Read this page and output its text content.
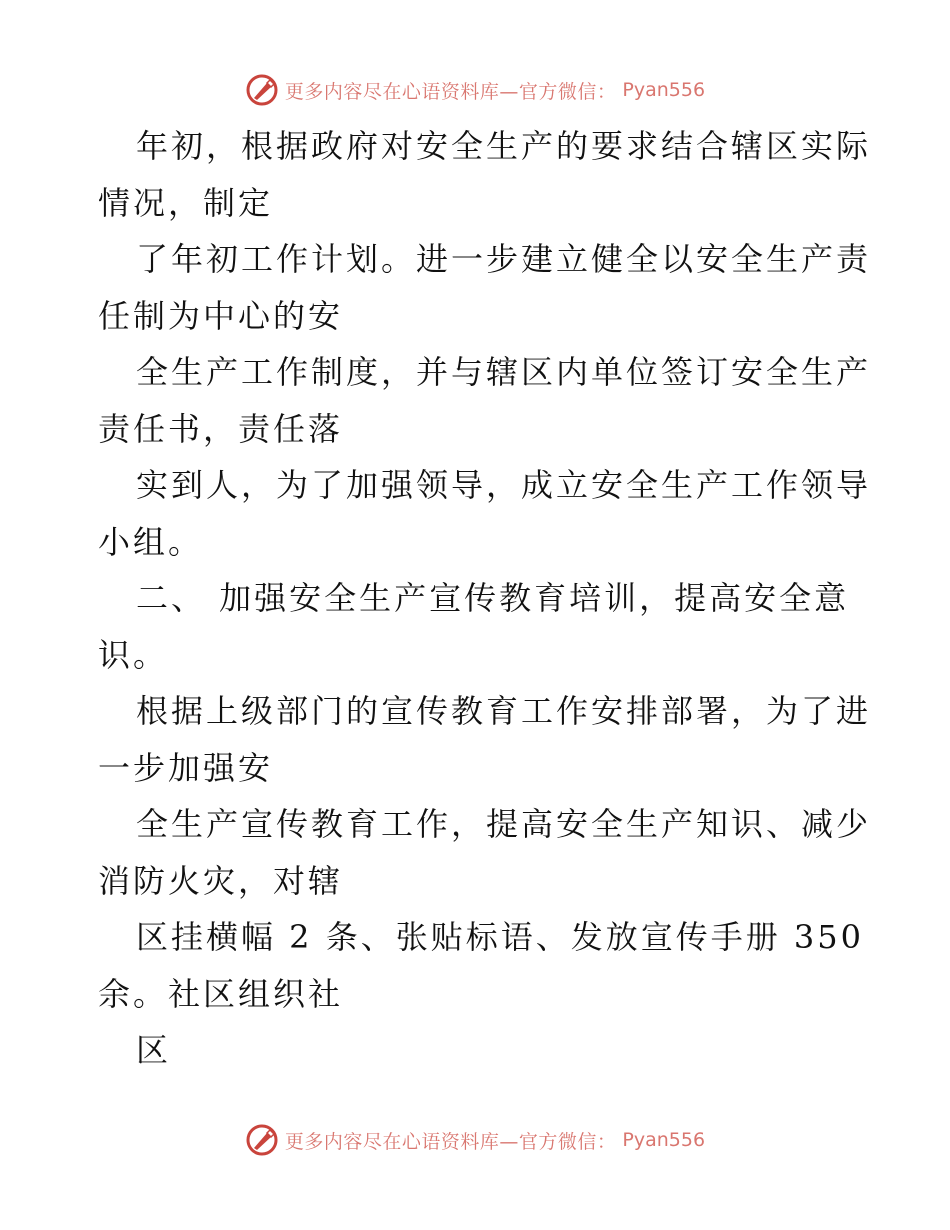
更多内容尽在心语资料库—官方微信： Pyan556
年初，根据政府对安全生产的要求结合辖区实际
情况，制定
了年初工作计划。进一步建立健全以安全生产责
任制为中心的安
全生产工作制度，并与辖区内单位签订安全生产
责任书，责任落
实到人，为了加强领导，成立安全生产工作领导
小组。
二、 加强安全生产宣传教育培训，提高安全意
识。
根据上级部门的宣传教育工作安排部署，为了进
一步加强安
全生产宣传教育工作，提高安全生产知识、减少
消防火灾，对辖
区挂横幅 2 条、张贴标语、发放宣传手册 350
余。社区组织社
区
更多内容尽在心语资料库—官方微信： Pyan556
